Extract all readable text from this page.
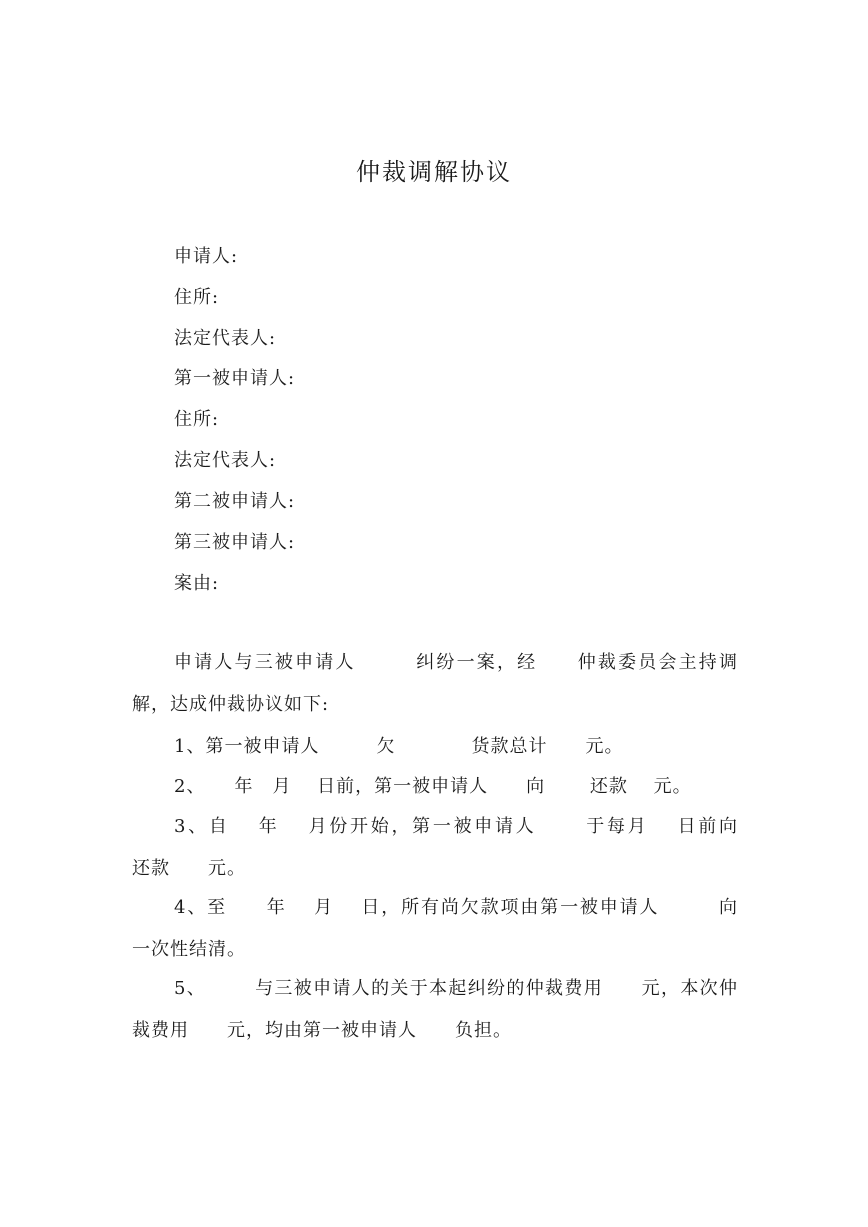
仲裁调解协议
申请人:
住所:
法定代表人:
第一被申请人:
住所:
法定代表人:
第二被申请人:
第三被申请人:
案由:
申请人与三被申请人　　　纠纷一案，经　　仲裁委员会主持调解，达成仲裁协议如下:
1、第一被申请人　　　欠　　　　货款总计　　元。
2、　　年　月　 日前，第一被申请人　　向　　 还款　 元。
3、自　 年　 月份开始，第一被申请人　　 于每月　 日前向　　还款　　元。
4、至　　年　 月　 日，所有尚欠款项由第一被申请人　　　向　　一次性结清。
5、　　　与三被申请人的关于本起纠纷的仲裁费用　　元，本次仲裁费用　　元，均由第一被申请人　　负担。
